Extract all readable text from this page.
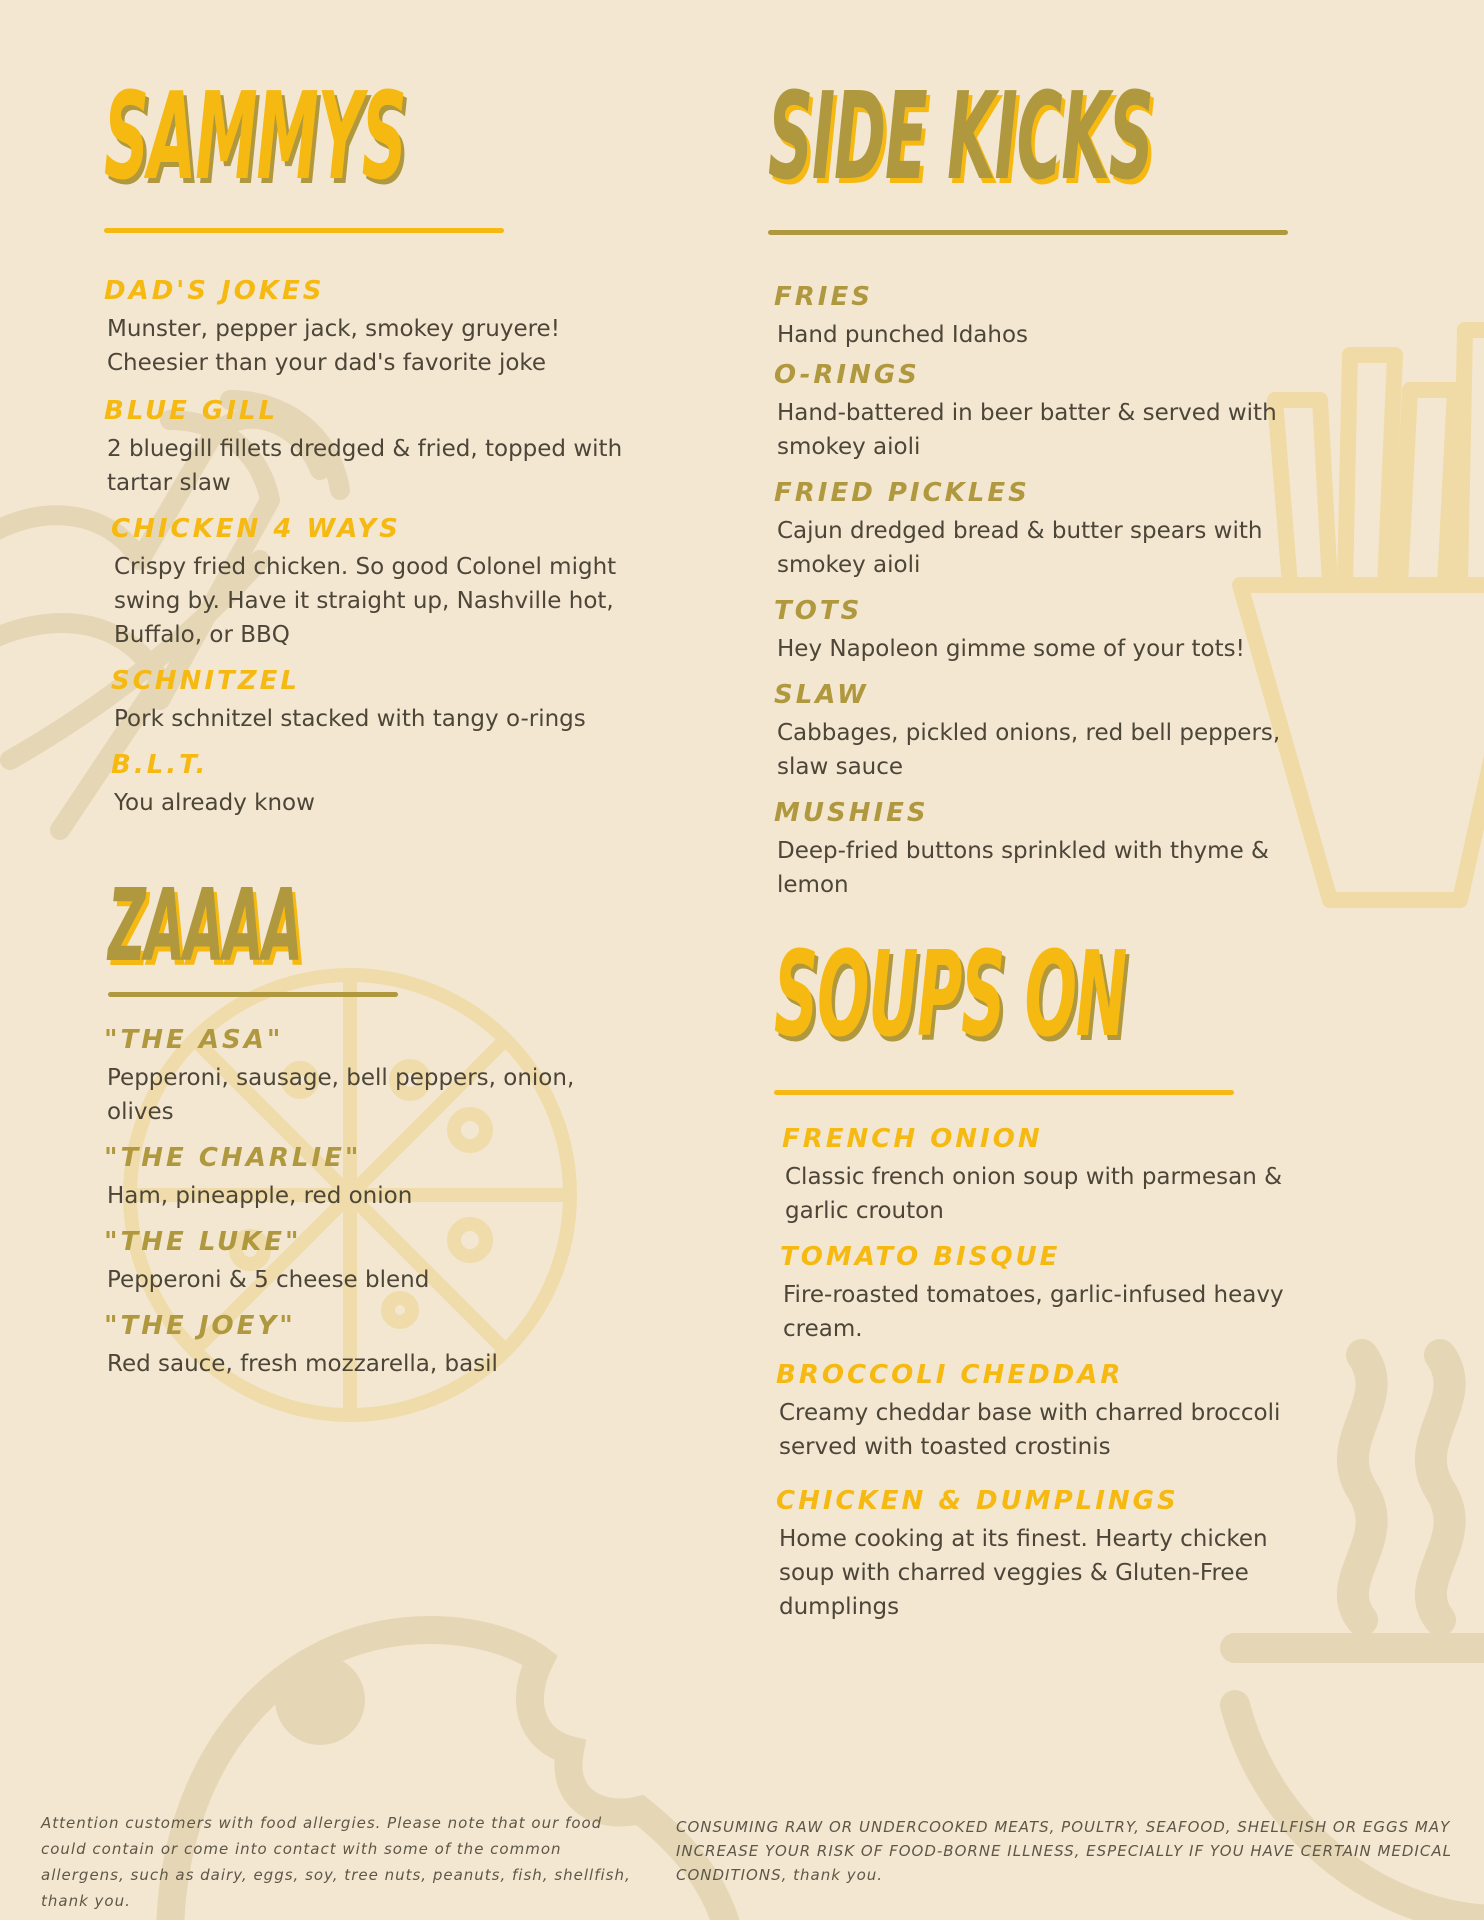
SAMMYS

DAD'S JOKES

Munster, pepper jack, smokey gruyere! Cheesier than your dad's favorite joke

BLUE GILL

2 bluegill fillets dredged & fried, topped with tartar slaw

CHICKEN 4 WAYS

Crispy fried chicken. So good Colonel might swing by. Have it straight up, Nashville hot, Buffalo, or BBQ

SCHNITZEL

Pork schnitzel stacked with tangy o-rings

B.L.T.

You already know

ZAAAA

"THE ASA"

Pepperoni, sausage, bell peppers, onion, olives

"THE CHARLIE"

Ham, pineapple, red onion

"THE LUKE"

Pepperoni & 5 cheese blend

"THE JOEY"

Red sauce, fresh mozzarella, basil

SIDE KICKS

FRIES

Hand punched Idahos

O-RINGS

Hand-battered in beer batter & served with smokey aioli

FRIED PICKLES

Cajun dredged bread & butter spears with smokey aioli

TOTS

Hey Napoleon gimme some of your tots!

SLAW

Cabbages, pickled onions, red bell peppers, slaw sauce

MUSHIES

Deep-fried buttons sprinkled with thyme & lemon

SOUPS ON

FRENCH ONION

Classic french onion soup with parmesan & garlic crouton

TOMATO BISQUE

Fire-roasted tomatoes, garlic-infused heavy cream.

BROCCOLI CHEDDAR

Creamy cheddar base with charred broccoli served with toasted crostinis

CHICKEN & DUMPLINGS

Home cooking at its finest. Hearty chicken soup with charred veggies & Gluten-Free dumplings

Attention customers with food allergies. Please note that our food could contain or come into contact with some of the common allergens, such as dairy, eggs, soy, tree nuts, peanuts, fish, shellfish, thank you.
CONSUMING RAW OR UNDERCOOKED MEATS, POULTRY, SEAFOOD, SHELLFISH OR EGGS MAY INCREASE YOUR RISK OF FOOD-BORNE ILLNESS, ESPECIALLY IF YOU HAVE CERTAIN MEDICAL CONDITIONS, thank you.
